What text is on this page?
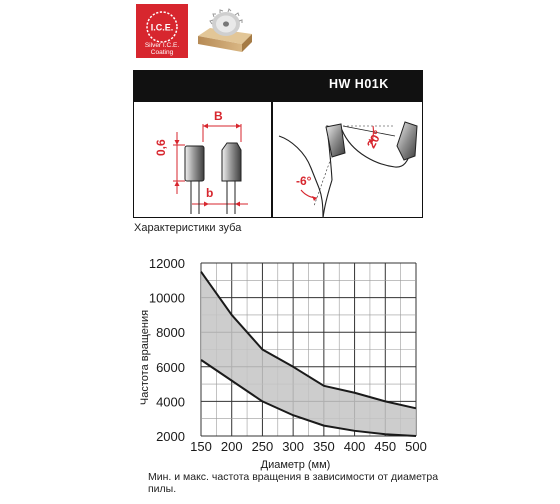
I.C.E.
Silver I.C.E.
Coating
HW H01K
B
b
0,6
-6°
20°
Характеристики зуба
150 200 250 300 350 400 450 500
2000
4000
6000
8000
10000
12000
Диаметр (мм)
Частота вращения
Мин. и макс. частота вращения в зависимости от диаметра пилы.
